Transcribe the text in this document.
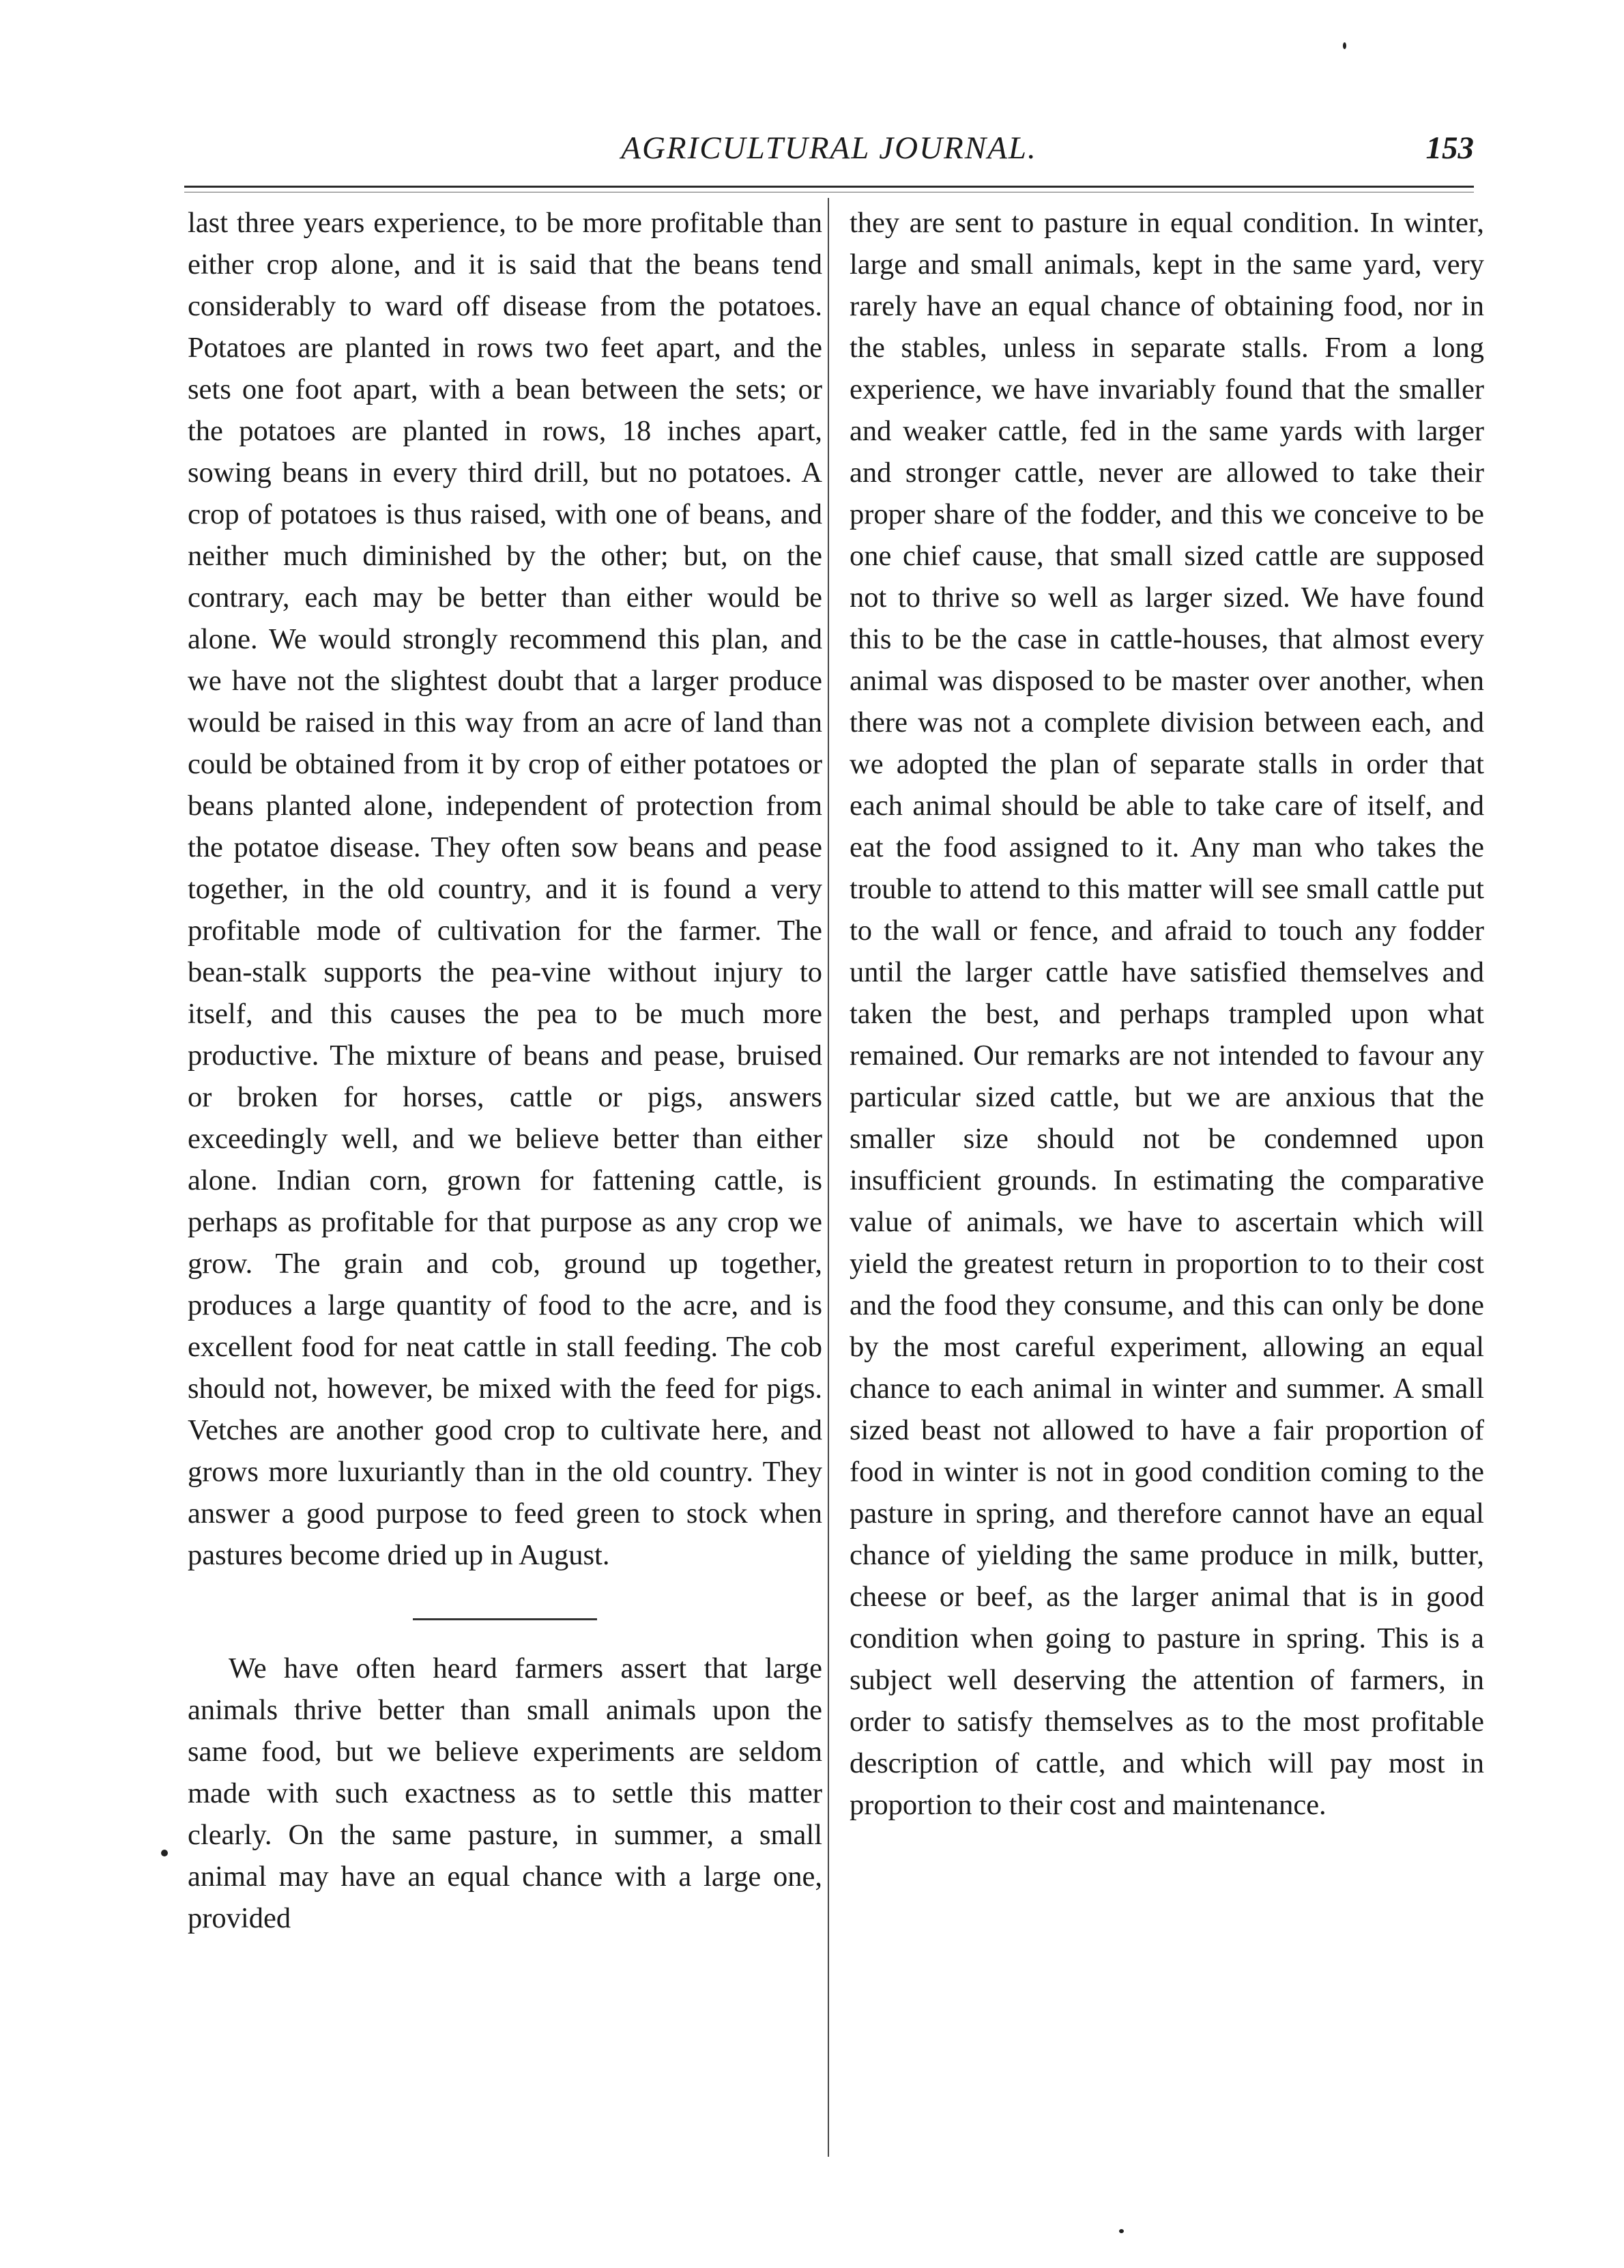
AGRICULTURAL JOURNAL.	153

last three years experience, to be more profitable than either crop alone, and it is said that the beans tend considerably to ward off disease from the potatoes. Potatoes are planted in rows two feet apart, and the sets one foot apart, with a bean between the sets; or the potatoes are planted in rows, 18 inches apart, sowing beans in every third drill, but no potatoes. A crop of potatoes is thus raised, with one of beans, and neither much diminished by the other; but, on the contrary, each may be better than either would be alone. We would strongly recommend this plan, and we have not the slightest doubt that a larger produce would be raised in this way from an acre of land than could be obtained from it by crop of either potatoes or beans planted alone, independent of protection from the potatoe disease. They often sow beans and pease together, in the old country, and it is found a very profitable mode of cultivation for the farmer. The bean-stalk supports the pea-vine without injury to itself, and this causes the pea to be much more productive. The mixture of beans and pease, bruised or broken for horses, cattle or pigs, answers exceedingly well, and we believe better than either alone. Indian corn, grown for fattening cattle, is perhaps as profitable for that purpose as any crop we grow. The grain and cob, ground up together, produces a large quantity of food to the acre, and is excellent food for neat cattle in stall feeding. The cob should not, however, be mixed with the feed for pigs. Vetches are another good crop to cultivate here, and grows more luxuriantly than in the old country. They answer a good purpose to feed green to stock when pastures become dried up in August.

We have often heard farmers assert that large animals thrive better than small animals upon the same food, but we believe experiments are seldom made with such exactness as to settle this matter clearly. On the same pasture, in summer, a small animal may have an equal chance with a large one, provided

they are sent to pasture in equal condition. In winter, large and small animals, kept in the same yard, very rarely have an equal chance of obtaining food, nor in the stables, unless in separate stalls. From a long experience, we have invariably found that the smaller and weaker cattle, fed in the same yards with larger and stronger cattle, never are allowed to take their proper share of the fodder, and this we conceive to be one chief cause, that small sized cattle are supposed not to thrive so well as larger sized. We have found this to be the case in cattle-houses, that almost every animal was disposed to be master over another, when there was not a complete division between each, and we adopted the plan of separate stalls in order that each animal should be able to take care of itself, and eat the food assigned to it. Any man who takes the trouble to attend to this matter will see small cattle put to the wall or fence, and afraid to touch any fodder until the larger cattle have satisfied themselves and taken the best, and perhaps trampled upon what remained. Our remarks are not intended to favour any particular sized cattle, but we are anxious that the smaller size should not be condemned upon insufficient grounds. In estimating the comparative value of animals, we have to ascertain which will yield the greatest return in proportion to to their cost and the food they consume, and this can only be done by the most careful experiment, allowing an equal chance to each animal in winter and summer. A small sized beast not allowed to have a fair proportion of food in winter is not in good condition coming to the pasture in spring, and therefore cannot have an equal chance of yielding the same produce in milk, butter, cheese or beef, as the larger animal that is in good condition when going to pasture in spring. This is a subject well deserving the attention of farmers, in order to satisfy themselves as to the most profitable description of cattle, and which will pay most in proportion to their cost and maintenance.
